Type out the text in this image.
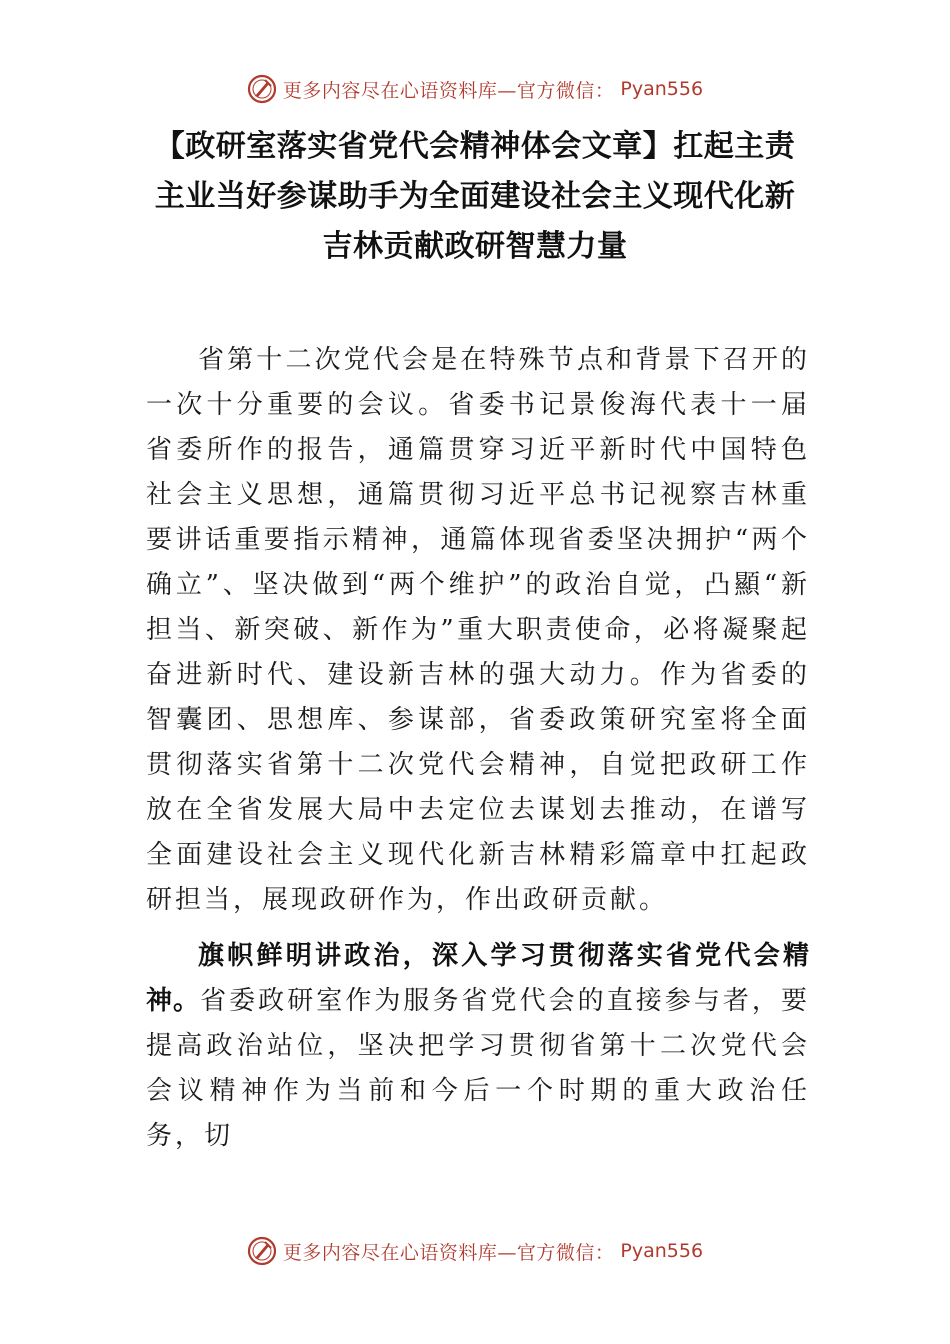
更多内容尽在心语资料库—官方微信： Pyan556
【政研室落实省党代会精神体会文章】扛起主责主业当好参谋助手为全面建设社会主义现代化新吉林贡献政研智慧力量

省第十二次党代会是在特殊节点和背景下召开的一次十分重要的会议。省委书记景俊海代表十一届省委所作的报告，通篇贯穿习近平新时代中国特色社会主义思想，通篇贯彻习近平总书记视察吉林重要讲话重要指示精神，通篇体现省委坚决拥护“两个确立”、坚决做到“两个维护”的政治自觉，凸顯“新担当、新突破、新作为”重大职责使命，必将凝聚起奋进新时代、建设新吉林的强大动力。作为省委的智囊团、思想库、参谋部，省委政策研究室将全面贯彻落实省第十二次党代会精神，自觉把政研工作放在全省发展大局中去定位去谋划去推动，在谱写全面建设社会主义现代化新吉林精彩篇章中扛起政研担当，展现政研作为，作出政研贡献。

旗帜鲜明讲政治，深入学习贯彻落实省党代会精神。省委政研室作为服务省党代会的直接参与者，要提高政治站位，坚决把学习贯彻省第十二次党代会会议精神作为当前和今后一个时期的重大政治任务，切

更多内容尽在心语资料库—官方微信： Pyan556
